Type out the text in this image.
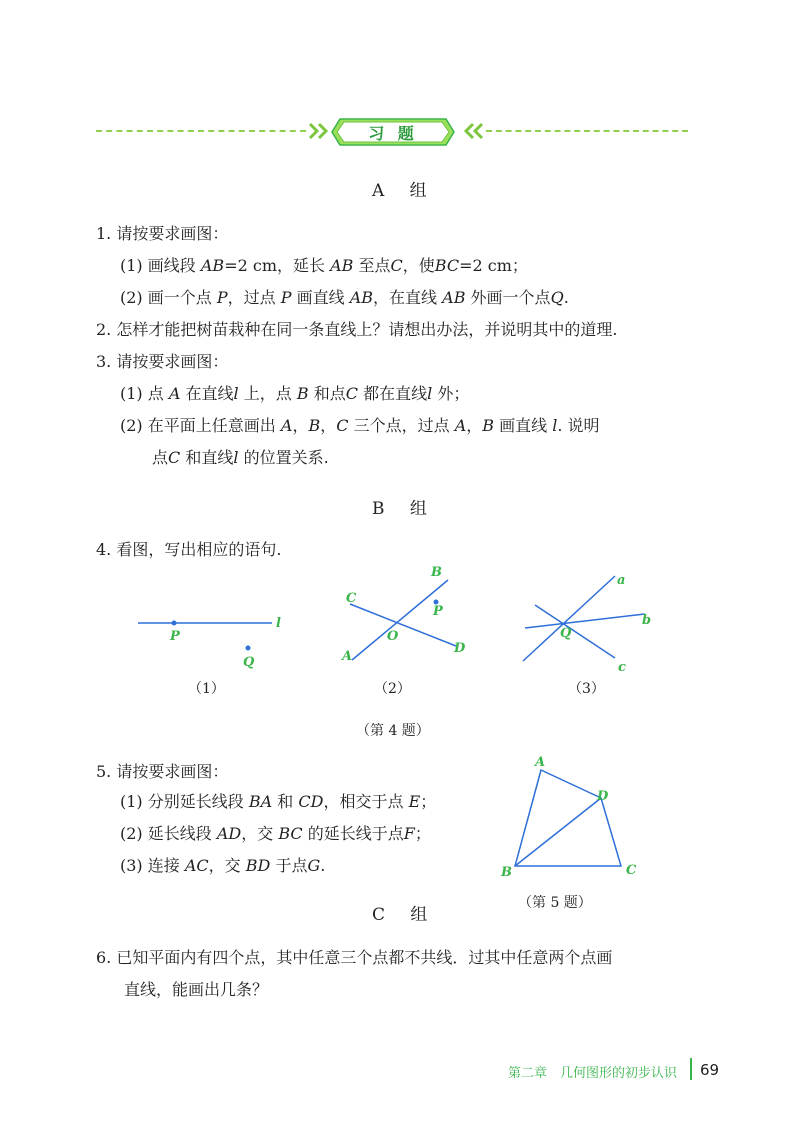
习 题
A 组
1. 请按要求画图：
(1) 画线段 AB=2 cm，延长 AB 至点C，使BC=2 cm；
(2) 画一个点 P，过点 P 画直线 AB，在直线 AB 外画一个点Q.
2. 怎样才能把树苗栽种在同一条直线上？请想出办法，并说明其中的道理.
3. 请按要求画图：
(1) 点 A 在直线l 上，点 B 和点C 都在直线l 外；
(2) 在平面上任意画出 A，B，C 三个点，过点 A，B 画直线 l. 说明
点C 和直线l 的位置关系.
B 组
4. 看图，写出相应的语句.
P
Q
l
（1）
B
C
P
O
D
A
（2）
a
b
Q
c
（3）
（第 4 题）
5. 请按要求画图：
(1) 分别延长线段 BA 和 CD，相交于点 E；
(2) 延长线段 AD，交 BC 的延长线于点F；
(3) 连接 AC，交 BD 于点G.
A
D
B	C
（第 5 题）
C 组
6. 已知平面内有四个点，其中任意三个点都不共线．过其中任意两个点画
直线，能画出几条？
第二章　几何图形的初步认识 69
